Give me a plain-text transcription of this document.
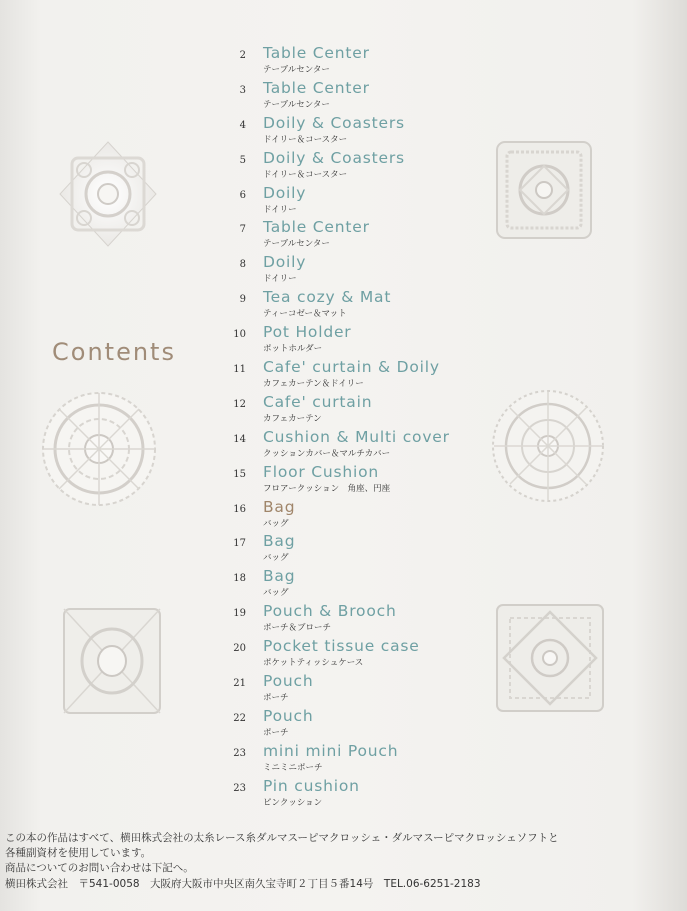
Contents
2 Table Center
テーブルセンター
3 Table Center
テーブルセンター
4 Doily & Coasters
ドイリー＆コースター
5 Doily & Coasters
ドイリー＆コースター
6 Doily
ドイリー
7 Table Center
テーブルセンター
8 Doily
ドイリー
9 Tea cozy & Mat
ティーコゼー＆マット
10 Pot Holder
ポットホルダー
11 Cafe' curtain & Doily
カフェカーテン＆ドイリー
12 Cafe' curtain
カフェカーテン
14 Cushion & Multi cover
クッションカバー＆マルチカバー
15 Floor Cushion
フロアークッション　角座、円座
16 Bag
バッグ
17 Bag
バッグ
18 Bag
バッグ
19 Pouch & Brooch
ポーチ＆ブローチ
20 Pocket tissue case
ポケットティッシュケース
21 Pouch
ポーチ
22 Pouch
ポーチ
23 mini mini Pouch
ミニミニポーチ
23 Pin cushion
ピンクッション
この本の作品はすべて、横田株式会社の太糸レース糸ダルマスーピマクロッシェ・ダルマスーピマクロッシェソフトと
各種副資材を使用しています。
商品についてのお問い合わせは下記へ。
横田株式会社　〒541-0058　大阪府大阪市中央区南久宝寺町２丁目５番14号　TEL.06-6251-2183
